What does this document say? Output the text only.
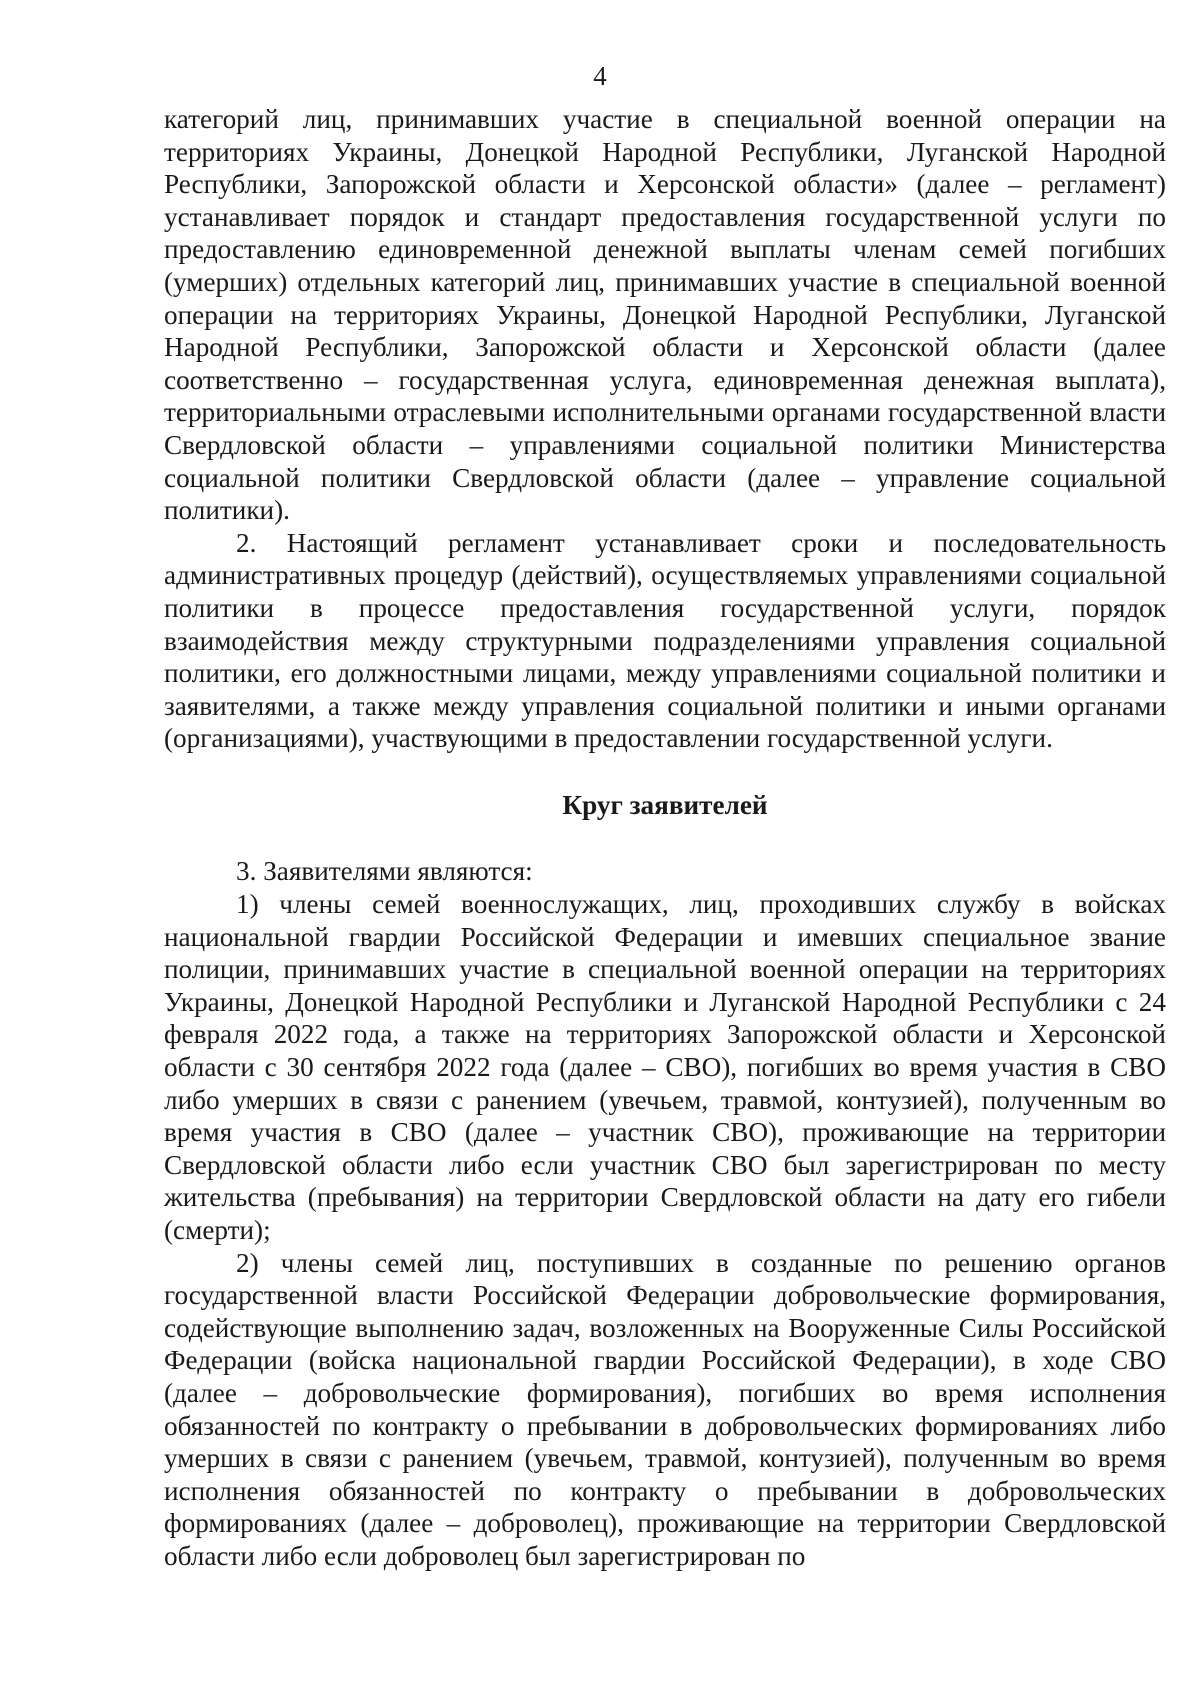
4

категорий лиц, принимавших участие в специальной военной операции на территориях Украины, Донецкой Народной Республики, Луганской Народной Республики, Запорожской области и Херсонской области» (далее – регламент) устанавливает порядок и стандарт предоставления государственной услуги по предоставлению единовременной денежной выплаты членам семей погибших (умерших) отдельных категорий лиц, принимавших участие в специальной военной операции на территориях Украины, Донецкой Народной Республики, Луганской Народной Республики, Запорожской области и Херсонской области (далее соответственно – государственная услуга, единовременная денежная выплата), территориальными отраслевыми исполнительными органами государственной власти Свердловской области – управлениями социальной политики Министерства социальной политики Свердловской области (далее – управление социальной политики).

2. Настоящий регламент устанавливает сроки и последовательность административных процедур (действий), осуществляемых управлениями социальной политики в процессе предоставления государственной услуги, порядок взаимодействия между структурными подразделениями управления социальной политики, его должностными лицами, между управлениями социальной политики и заявителями, а также между управления социальной политики и иными органами (организациями), участвующими в предоставлении государственной услуги.

Круг заявителей

3. Заявителями являются:

1) члены семей военнослужащих, лиц, проходивших службу в войсках национальной гвардии Российской Федерации и имевших специальное звание полиции, принимавших участие в специальной военной операции на территориях Украины, Донецкой Народной Республики и Луганской Народной Республики с 24 февраля 2022 года, а также на территориях Запорожской области и Херсонской области с 30 сентября 2022 года (далее – СВО), погибших во время участия в СВО либо умерших в связи с ранением (увечьем, травмой, контузией), полученным во время участия в СВО (далее – участник СВО), проживающие на территории Свердловской области либо если участник СВО был зарегистрирован по месту жительства (пребывания) на территории Свердловской области на дату его гибели (смерти);

2) члены семей лиц, поступивших в созданные по решению органов государственной власти Российской Федерации добровольческие формирования, содействующие выполнению задач, возложенных на Вооруженные Силы Российской Федерации (войска национальной гвардии Российской Федерации), в ходе СВО (далее – добровольческие формирования), погибших во время исполнения обязанностей по контракту о пребывании в добровольческих формированиях либо умерших в связи с ранением (увечьем, травмой, контузией), полученным во время исполнения обязанностей по контракту о пребывании в добровольческих формированиях (далее – доброволец), проживающие на территории Свердловской области либо если доброволец был зарегистрирован по
